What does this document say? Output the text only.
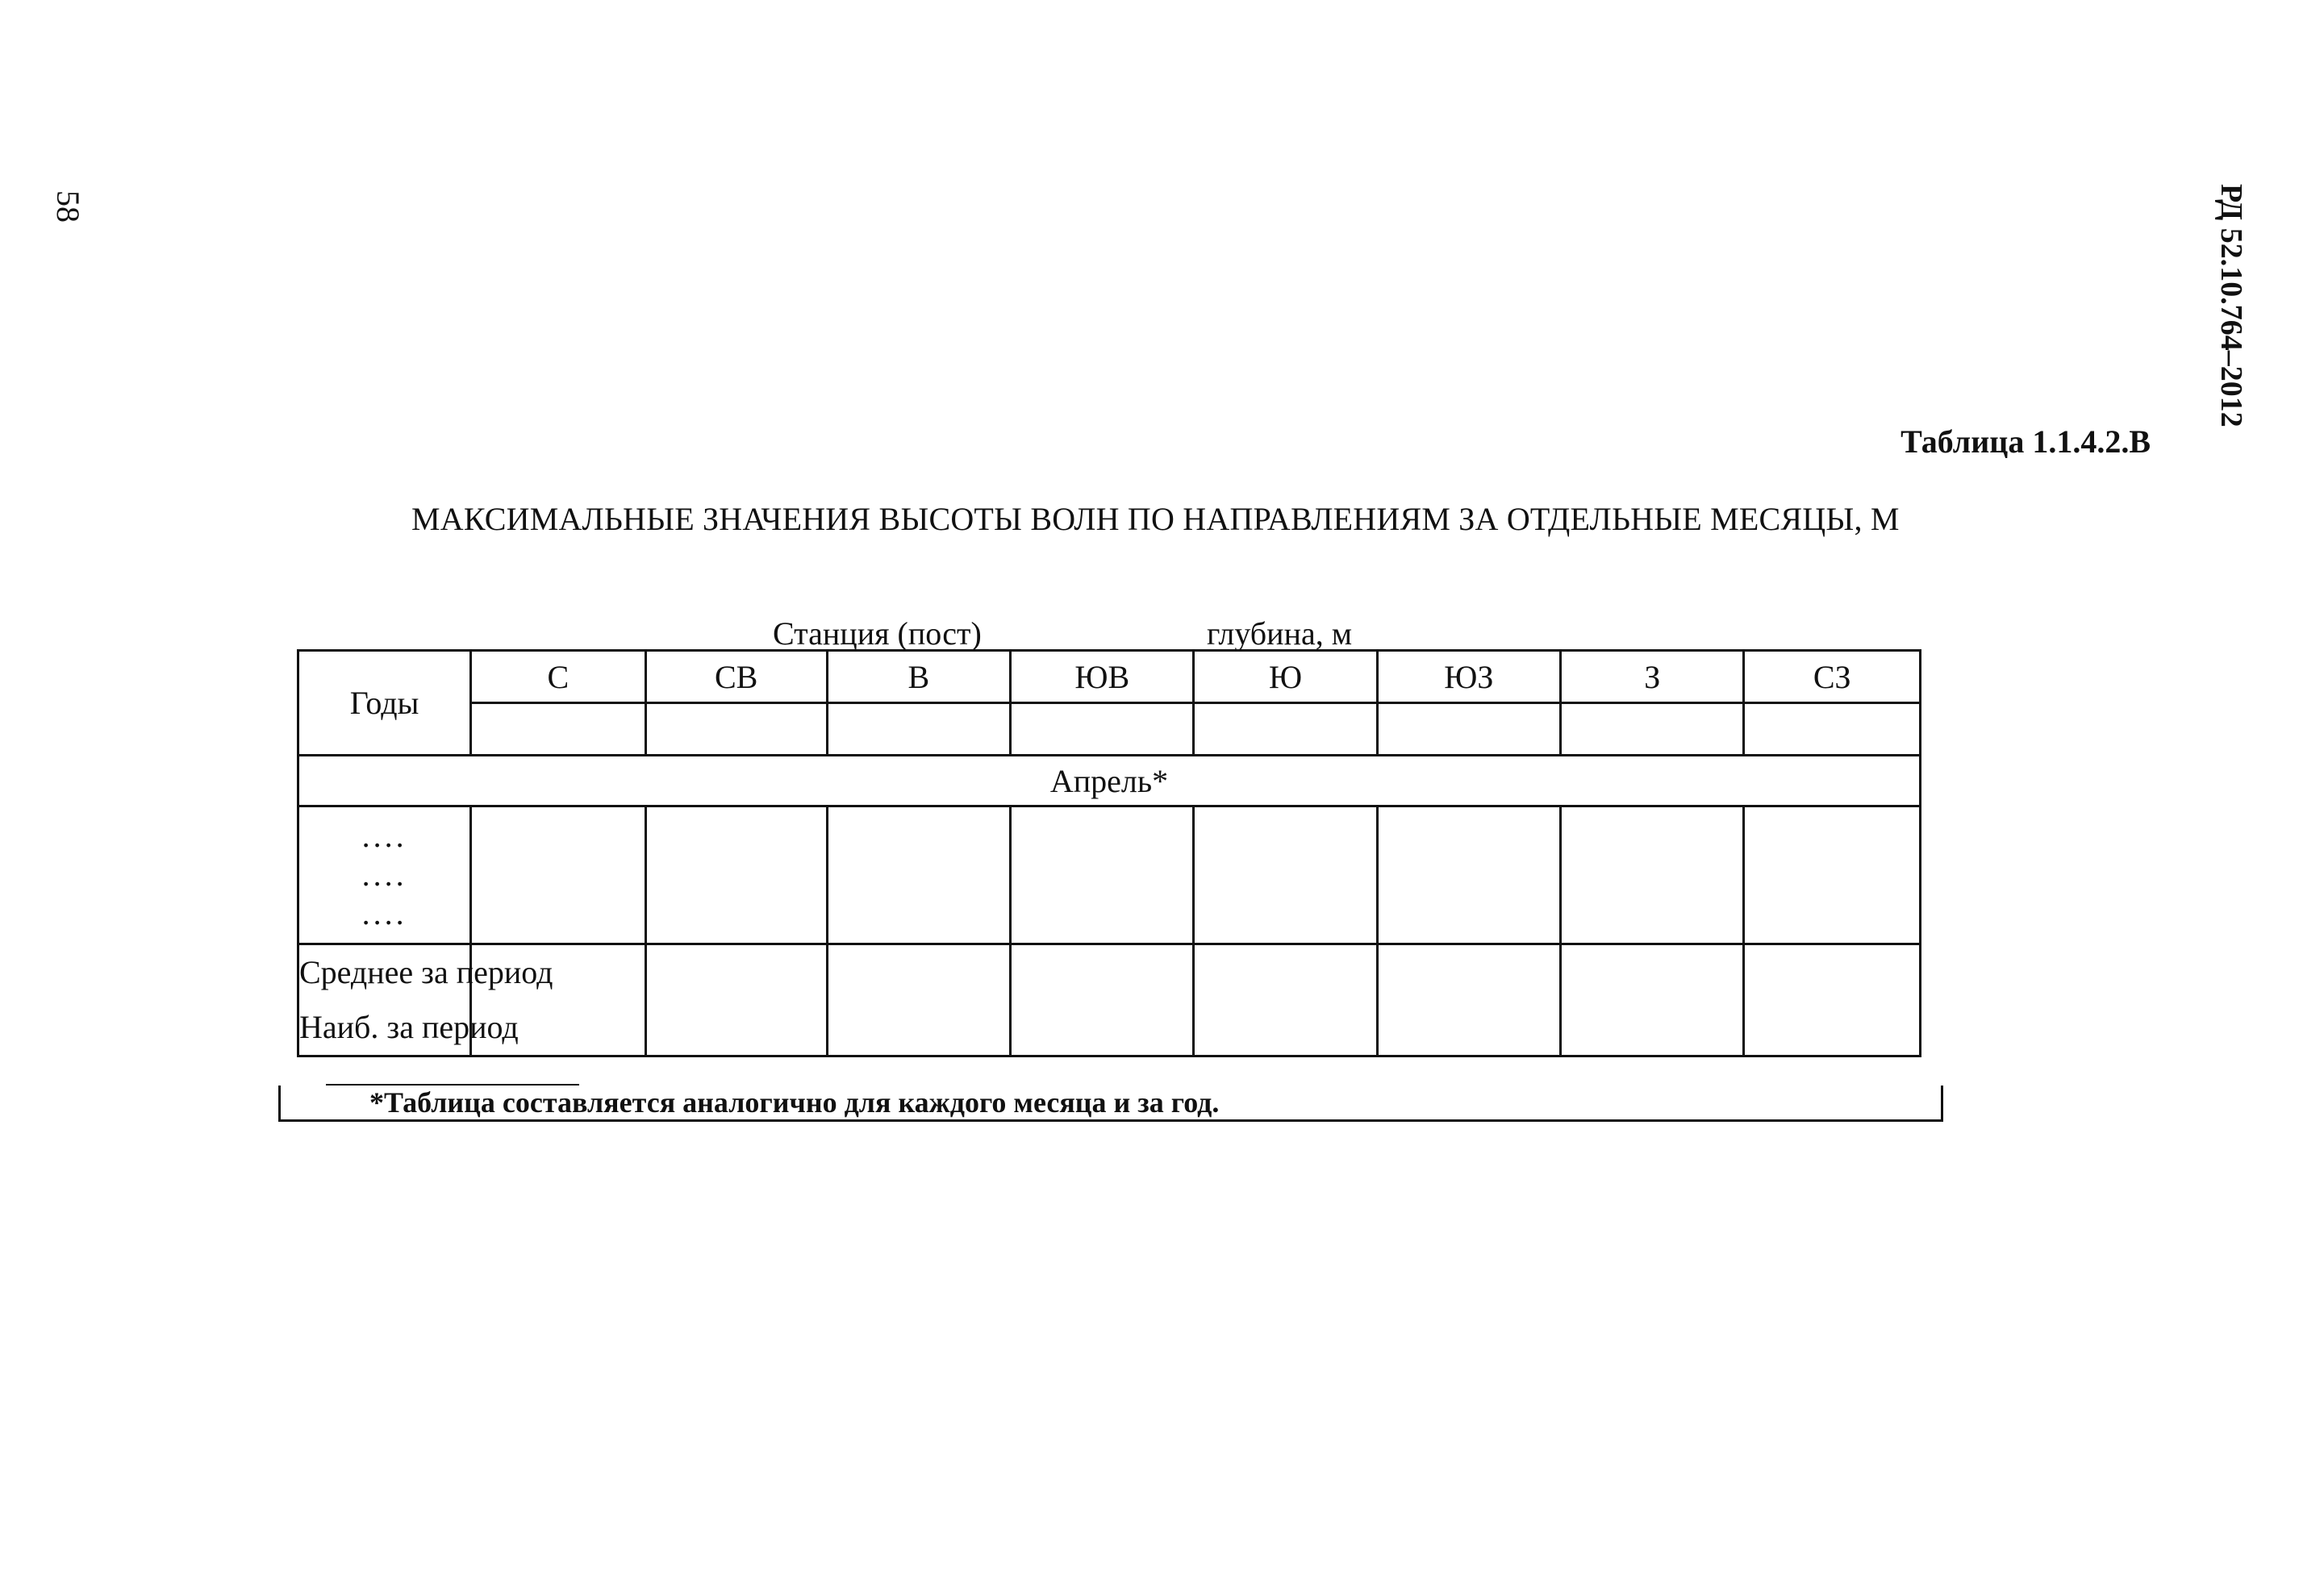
58	РД 52.10.764–2012
Таблица 1.1.4.2.В
МАКСИМАЛЬНЫЕ ЗНАЧЕНИЯ ВЫСОТЫ ВОЛН ПО НАПРАВЛЕНИЯМ ЗА ОТДЕЛЬНЫЕ МЕСЯЦЫ, М
Станция (пост)	глубина, м
Годы	С	СВ	В	ЮВ	Ю	ЮЗ	З	СЗ

Апрель*								

....
....
....								

Среднее за период
Наиб. за период								

*Таблица составляется аналогично для каждого месяца и за год.
